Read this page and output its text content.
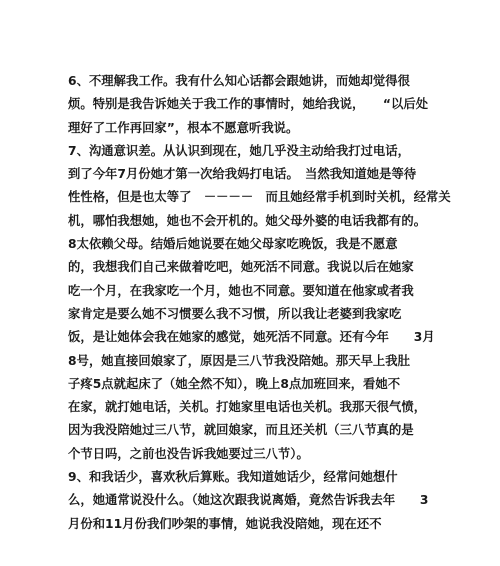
6、不理解我工作。我有什么知心话都会跟她讲，而她却觉得很
烦。特别是我告诉她关于我工作的事情时，她给我说，　　“以后处
理好了工作再回家”，根本不愿意听我说。
7、沟通意识差。从认识到现在，她几乎没主动给我打过电话，
到了今年7月份她才第一次给我妈打电话。　当然我知道她是等待
性性格，但是也太等了　－－－－　而且她经常手机到时关机，经常关
机，哪怕我想她，她也不会开机的。她父母外婆的电话我都有的。
8太依赖父母。结婚后她说要在她父母家吃晚饭，我是不愿意
的，我想我们自己来做着吃吧，她死活不同意。我说以后在她家
吃一个月，在我家吃一个月，她也不同意。要知道在他家或者我
家肯定是要么她不习惯要么我不习惯，所以我让老婆到我家吃
饭，是让她体会我在她家的感觉，她死活不同意。还有今年　　3月
8号，她直接回娘家了，原因是三八节我没陪她。那天早上我肚
子疼5点就起床了（她全然不知），晚上8点加班回来，看她不
在家，就打她电话，关机。打她家里电话也关机。我那天很气愤，
因为我没陪她过三八节，就回娘家，而且还关机（三八节真的是
个节日吗，之前也没告诉我她要过三八节）。
9、和我话少，喜欢秋后算账。我知道她话少，经常问她想什
么，她通常说没什么。（她这次跟我说离婚，竟然告诉我去年　　3
月份和11月份我们吵架的事情，她说我没陪她，现在还不
